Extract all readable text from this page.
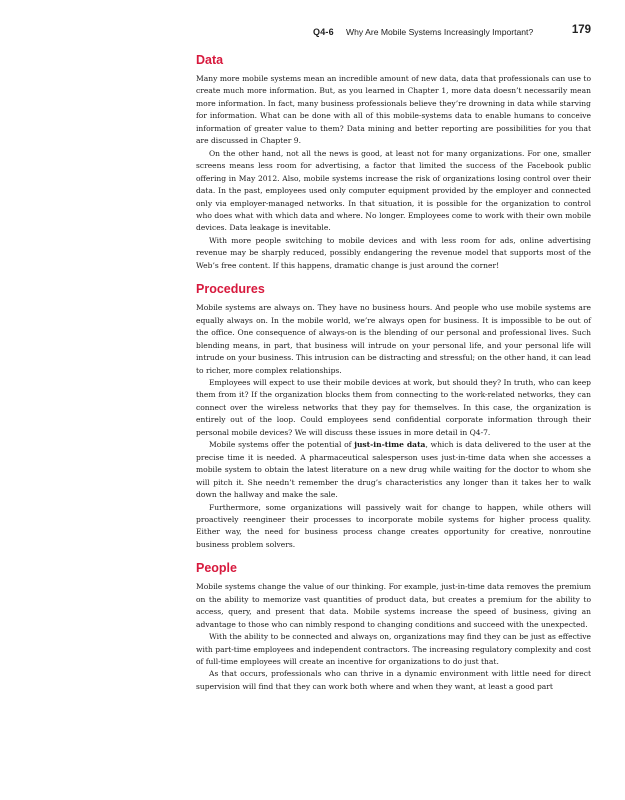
Q4-6 Why Are Mobile Systems Increasingly Important?	179
Data

Many more mobile systems mean an incredible amount of new data, data that professionals can use to create much more information. But, as you learned in Chapter 1, more data doesn’t necessarily mean more information. In fact, many business professionals believe they’re drowning in data while starving for information. What can be done with all of this mobile-systems data to enable humans to conceive information of greater value to them? Data mining and better reporting are possibilities for you that are discussed in Chapter 9.

On the other hand, not all the news is good, at least not for many organizations. For one, smaller screens means less room for advertising, a factor that limited the success of the Facebook public offering in May 2012. Also, mobile systems increase the risk of organizations losing control over their data. In the past, employees used only computer equipment provided by the employer and connected only via employer-managed networks. In that situation, it is possible for the organization to control who does what with which data and where. No longer. Employees come to work with their own mobile devices. Data leakage is inevitable.

With more people switching to mobile devices and with less room for ads, online advertising revenue may be sharply reduced, possibly endangering the revenue model that supports most of the Web’s free content. If this happens, dramatic change is just around the corner!

Procedures

Mobile systems are always on. They have no business hours. And people who use mobile systems are equally always on. In the mobile world, we’re always open for business. It is impossible to be out of the office. One consequence of always-on is the blending of our personal and professional lives. Such blending means, in part, that business will intrude on your personal life, and your personal life will intrude on your business. This intrusion can be distracting and stressful; on the other hand, it can lead to richer, more complex relationships.

Employees will expect to use their mobile devices at work, but should they? In truth, who can keep them from it? If the organization blocks them from connecting to the work-related networks, they can connect over the wireless networks that they pay for themselves. In this case, the organization is entirely out of the loop. Could employees send confidential corporate information through their personal mobile devices? We will discuss these issues in more detail in Q4-7.

Mobile systems offer the potential of just-in-time data, which is data delivered to the user at the precise time it is needed. A pharmaceutical salesperson uses just-in-time data when she accesses a mobile system to obtain the latest literature on a new drug while waiting for the doctor to whom she will pitch it. She needn’t remember the drug’s characteristics any longer than it takes her to walk down the hallway and make the sale.

Furthermore, some organizations will passively wait for change to happen, while others will proactively reengineer their processes to incorporate mobile systems for higher process quality. Either way, the need for business process change creates opportunity for creative, nonroutine business problem solvers.

People

Mobile systems change the value of our thinking. For example, just-in-time data removes the premium on the ability to memorize vast quantities of product data, but creates a premium for the ability to access, query, and present that data. Mobile systems increase the speed of business, giving an advantage to those who can nimbly respond to changing conditions and succeed with the unexpected.

With the ability to be connected and always on, organizations may find they can be just as effective with part-time employees and independent contractors. The increasing regulatory complexity and cost of full-time employees will create an incentive for organizations to do just that.

As that occurs, professionals who can thrive in a dynamic environment with little need for direct supervision will find that they can work both where and when they want, at least a good part
